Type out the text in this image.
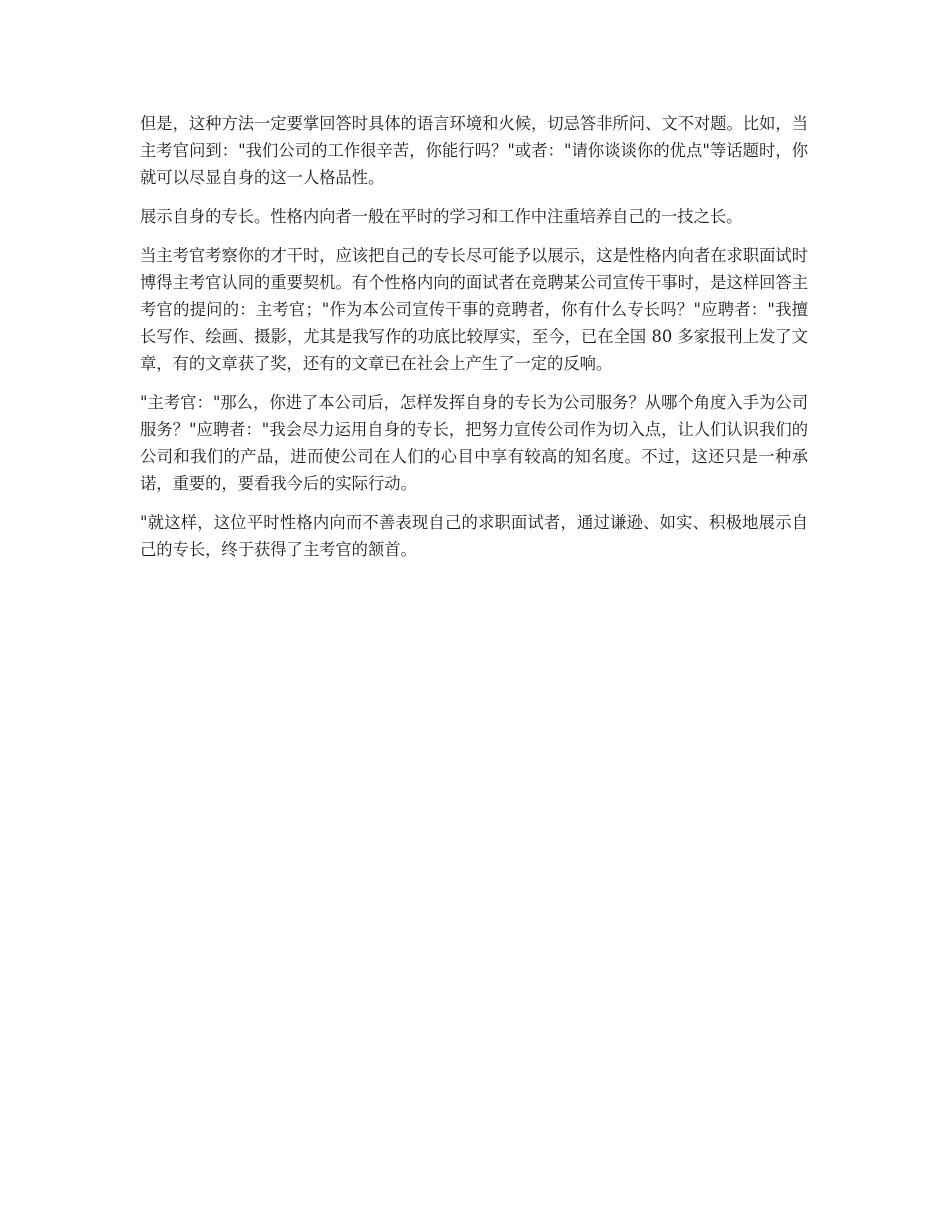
但是，这种方法一定要掌回答时具体的语言环境和火候，切忌答非所问、文不对题。比如，当主考官问到："我们公司的工作很辛苦，你能行吗？"或者："请你谈谈你的优点"等话题时，你就可以尽显自身的这一人格品性。

展示自身的专长。性格内向者一般在平时的学习和工作中注重培养自己的一技之长。

当主考官考察你的才干时，应该把自己的专长尽可能予以展示，这是性格内向者在求职面试时博得主考官认同的重要契机。有个性格内向的面试者在竞聘某公司宣传干事时，是这样回答主考官的提问的：主考官；"作为本公司宣传干事的竞聘者，你有什么专长吗？"应聘者："我擅长写作、绘画、摄影，尤其是我写作的功底比较厚实，至今，已在全国 80 多家报刊上发了文章，有的文章获了奖，还有的文章已在社会上产生了一定的反响。

"主考官："那么，你进了本公司后，怎样发挥自身的专长为公司服务？从哪个角度入手为公司服务？"应聘者："我会尽力运用自身的专长，把努力宣传公司作为切入点，让人们认识我们的公司和我们的产品，进而使公司在人们的心目中享有较高的知名度。不过，这还只是一种承诺，重要的，要看我今后的实际行动。

"就这样，这位平时性格内向而不善表现自己的求职面试者，通过谦逊、如实、积极地展示自己的专长，终于获得了主考官的颔首。
